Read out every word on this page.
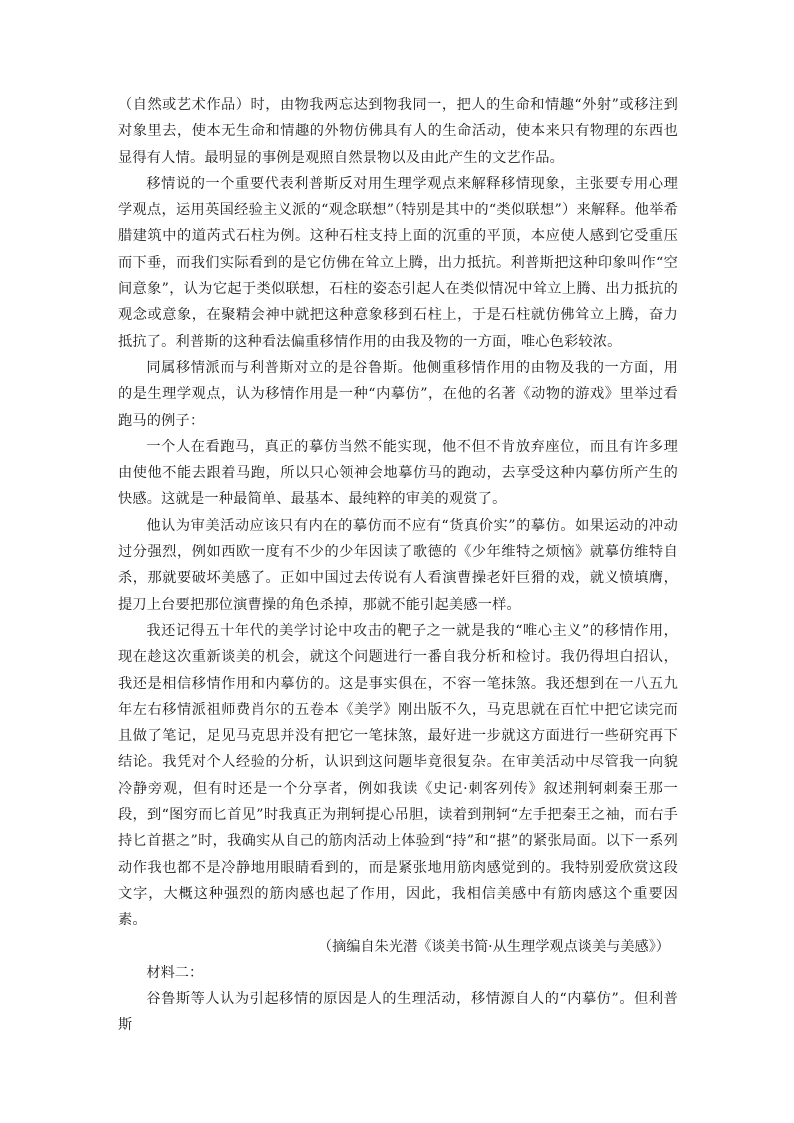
（自然或艺术作品）时，由物我两忘达到物我同一，把人的生命和情趣“外射”或移注到对象里去，使本无生命和情趣的外物仿佛具有人的生命活动，使本来只有物理的东西也显得有人情。最明显的事例是观照自然景物以及由此产生的文艺作品。

移情说的一个重要代表利普斯反对用生理学观点来解释移情现象，主张要专用心理学观点，运用英国经验主义派的“观念联想”（特别是其中的“类似联想”）来解释。他举希腊建筑中的道芮式石柱为例。这种石柱支持上面的沉重的平顶，本应使人感到它受重压而下垂，而我们实际看到的是它仿佛在耸立上腾，出力抵抗。利普斯把这种印象叫作“空间意象”，认为它起于类似联想，石柱的姿态引起人在类似情况中耸立上腾、出力抵抗的观念或意象，在聚精会神中就把这种意象移到石柱上，于是石柱就仿佛耸立上腾，奋力抵抗了。利普斯的这种看法偏重移情作用的由我及物的一方面，唯心色彩较浓。

同属移情派而与利普斯对立的是谷鲁斯。他侧重移情作用的由物及我的一方面，用的是生理学观点，认为移情作用是一种“内摹仿”，在他的名著《动物的游戏》里举过看跑马的例子：

一个人在看跑马，真正的摹仿当然不能实现，他不但不肯放弃座位，而且有许多理由使他不能去跟着马跑，所以只心领神会地摹仿马的跑动，去享受这种内摹仿所产生的快感。这就是一种最简单、最基本、最纯粹的审美的观赏了。

他认为审美活动应该只有内在的摹仿而不应有“货真价实”的摹仿。如果运动的冲动过分强烈，例如西欧一度有不少的少年因读了歌德的《少年维特之烦恼》就摹仿维特自杀，那就要破坏美感了。正如中国过去传说有人看演曹操老奸巨猾的戏，就义愤填膺，提刀上台要把那位演曹操的角色杀掉，那就不能引起美感一样。

我还记得五十年代的美学讨论中攻击的靶子之一就是我的“唯心主义”的移情作用，现在趁这次重新谈美的机会，就这个问题进行一番自我分析和检讨。我仍得坦白招认，我还是相信移情作用和内摹仿的。这是事实俱在，不容一笔抹煞。我还想到在一八五九年左右移情派祖师费肖尔的五卷本《美学》刚出版不久，马克思就在百忙中把它读完而且做了笔记，足见马克思并没有把它一笔抹煞，最好进一步就这方面进行一些研究再下结论。我凭对个人经验的分析，认识到这问题毕竟很复杂。在审美活动中尽管我一向貌冷静旁观，但有时还是一个分享者，例如我读《史记·刺客列传》叙述荆轲刺秦王那一段，到“图穷而匕首见”时我真正为荆轲提心吊胆，读着到荆轲“左手把秦王之袖，而右手持匕首揕之”时，我确实从自己的筋肉活动上体验到“持”和“揕”的紧张局面。以下一系列动作我也都不是冷静地用眼睛看到的，而是紧张地用筋肉感觉到的。我特别爱欣赏这段文字，大概这种强烈的筋肉感也起了作用，因此，我相信美感中有筋肉感这个重要因素。

（摘编自朱光潜《谈美书简·从生理学观点谈美与美感》）

材料二：

谷鲁斯等人认为引起移情的原因是人的生理活动，移情源自人的“内摹仿”。但利普斯
